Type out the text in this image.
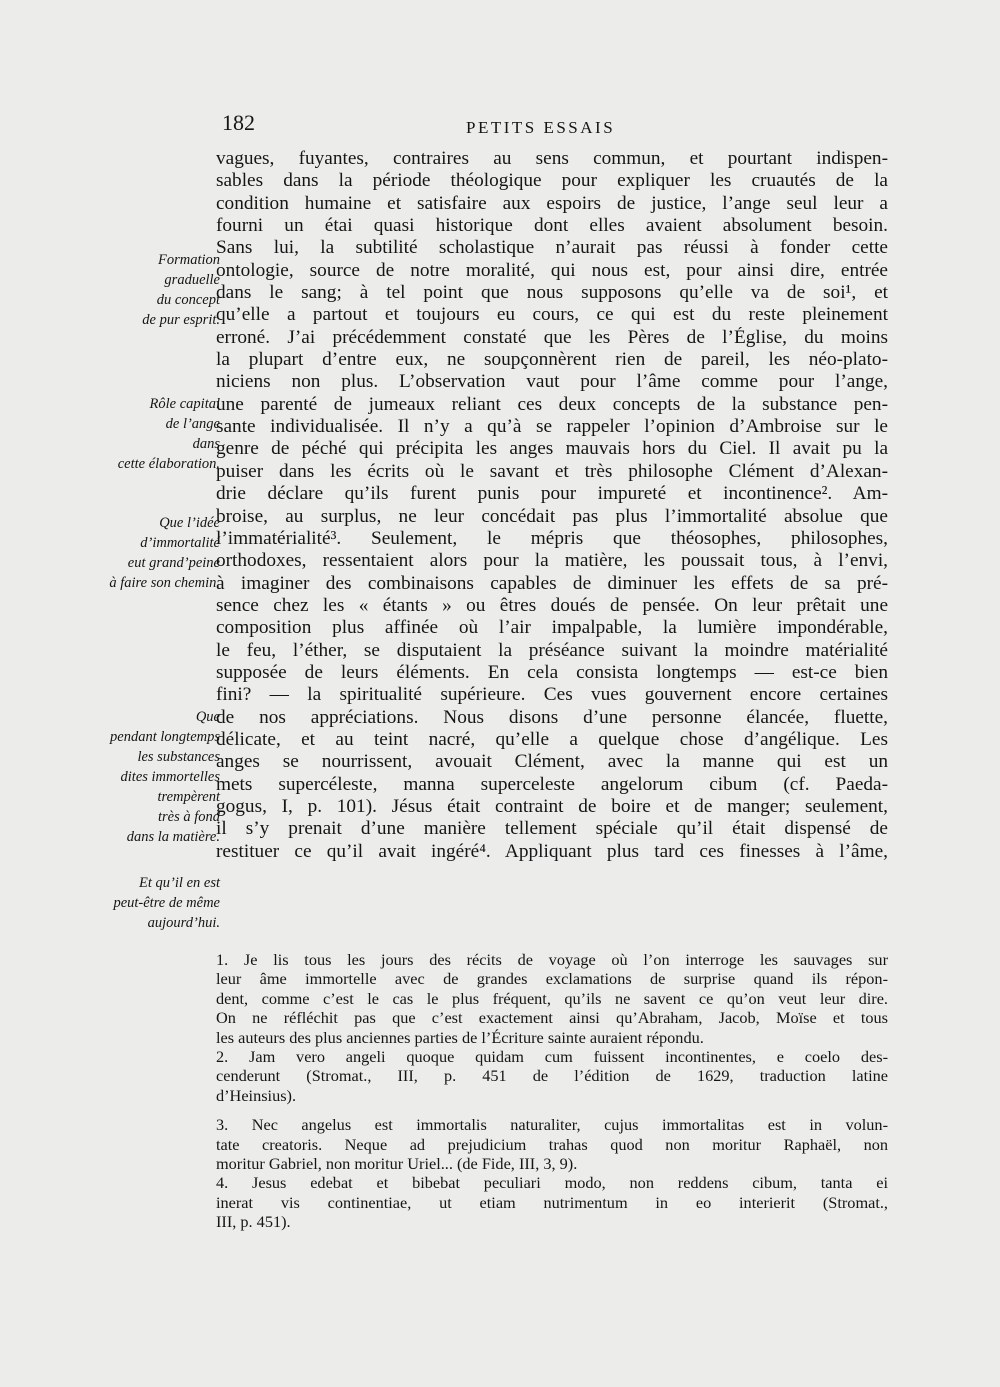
182	PETITS ESSAIS
Formation
graduelle
du concept
de pur esprit.
Rôle capital
de l’ange
dans
cette élaboration.
Que l’idée
d’immortalité
eut grand’peine
à faire son chemin.
Que
pendant longtemps
les substances
dites immortelles
trempèrent
très à fond
dans la matière.
Et qu’il en est
peut-être de même
aujourd’hui.
vagues, fuyantes, contraires au sens commun, et pourtant indispen-
sables dans la période théologique pour expliquer les cruautés de la
condition humaine et satisfaire aux espoirs de justice, l’ange seul leur a
fourni un étai quasi historique dont elles avaient absolument besoin.
Sans lui, la subtilité scholastique n’aurait pas réussi à fonder cette
ontologie, source de notre moralité, qui nous est, pour ainsi dire, entrée
dans le sang; à tel point que nous supposons qu’elle va de soi¹, et
qu’elle a partout et toujours eu cours, ce qui est du reste pleinement
erroné. J’ai précédemment constaté que les Pères de l’Église, du moins
la plupart d’entre eux, ne soupçonnèrent rien de pareil, les néo-plato-
niciens non plus. L’observation vaut pour l’âme comme pour l’ange,
une parenté de jumeaux reliant ces deux concepts de la substance pen-
sante individualisée. Il n’y a qu’à se rappeler l’opinion d’Ambroise sur le
genre de péché qui précipita les anges mauvais hors du Ciel. Il avait pu la
puiser dans les écrits où le savant et très philosophe Clément d’Alexan-
drie déclare qu’ils furent punis pour impureté et incontinence². Am-
broise, au surplus, ne leur concédait pas plus l’immortalité absolue que
l’immatérialité³. Seulement, le mépris que théosophes, philosophes,
orthodoxes, ressentaient alors pour la matière, les poussait tous, à l’envi,
à imaginer des combinaisons capables de diminuer les effets de sa pré-
sence chez les « étants » ou êtres doués de pensée. On leur prêtait une
composition plus affinée où l’air impalpable, la lumière impondérable,
le feu, l’éther, se disputaient la préséance suivant la moindre matérialité
supposée de leurs éléments. En cela consista longtemps — est-ce bien
fini? — la spiritualité supérieure. Ces vues gouvernent encore certaines
de nos appréciations. Nous disons d’une personne élancée, fluette,
délicate, et au teint nacré, qu’elle a quelque chose d’angélique. Les
anges se nourrissent, avouait Clément, avec la manne qui est un
mets supercéleste, manna superceleste angelorum cibum (cf. Paeda-
gogus, I, p. 101). Jésus était contraint de boire et de manger; seulement,
il s’y prenait d’une manière tellement spéciale qu’il était dispensé de
restituer ce qu’il avait ingéré⁴. Appliquant plus tard ces finesses à l’âme,
1. Je lis tous les jours des récits de voyage où l’on interroge les sauvages sur
leur âme immortelle avec de grandes exclamations de surprise quand ils répon-
dent, comme c’est le cas le plus fréquent, qu’ils ne savent ce qu’on veut leur dire.
On ne réfléchit pas que c’est exactement ainsi qu’Abraham, Jacob, Moïse et tous
les auteurs des plus anciennes parties de l’Écriture sainte auraient répondu.
2. Jam vero angeli quoque quidam cum fuissent incontinentes, e coelo des-
cenderunt (Stromat., III, p. 451 de l’édition de 1629, traduction latine
d’Heinsius).
3. Nec angelus est immortalis naturaliter, cujus immortalitas est in volun-
tate creatoris. Neque ad prejudicium trahas quod non moritur Raphaël, non
moritur Gabriel, non moritur Uriel... (de Fide, III, 3, 9).
4. Jesus edebat et bibebat peculiari modo, non reddens cibum, tanta ei
inerat vis continentiae, ut etiam nutrimentum in eo interierit (Stromat.,
III, p. 451).
